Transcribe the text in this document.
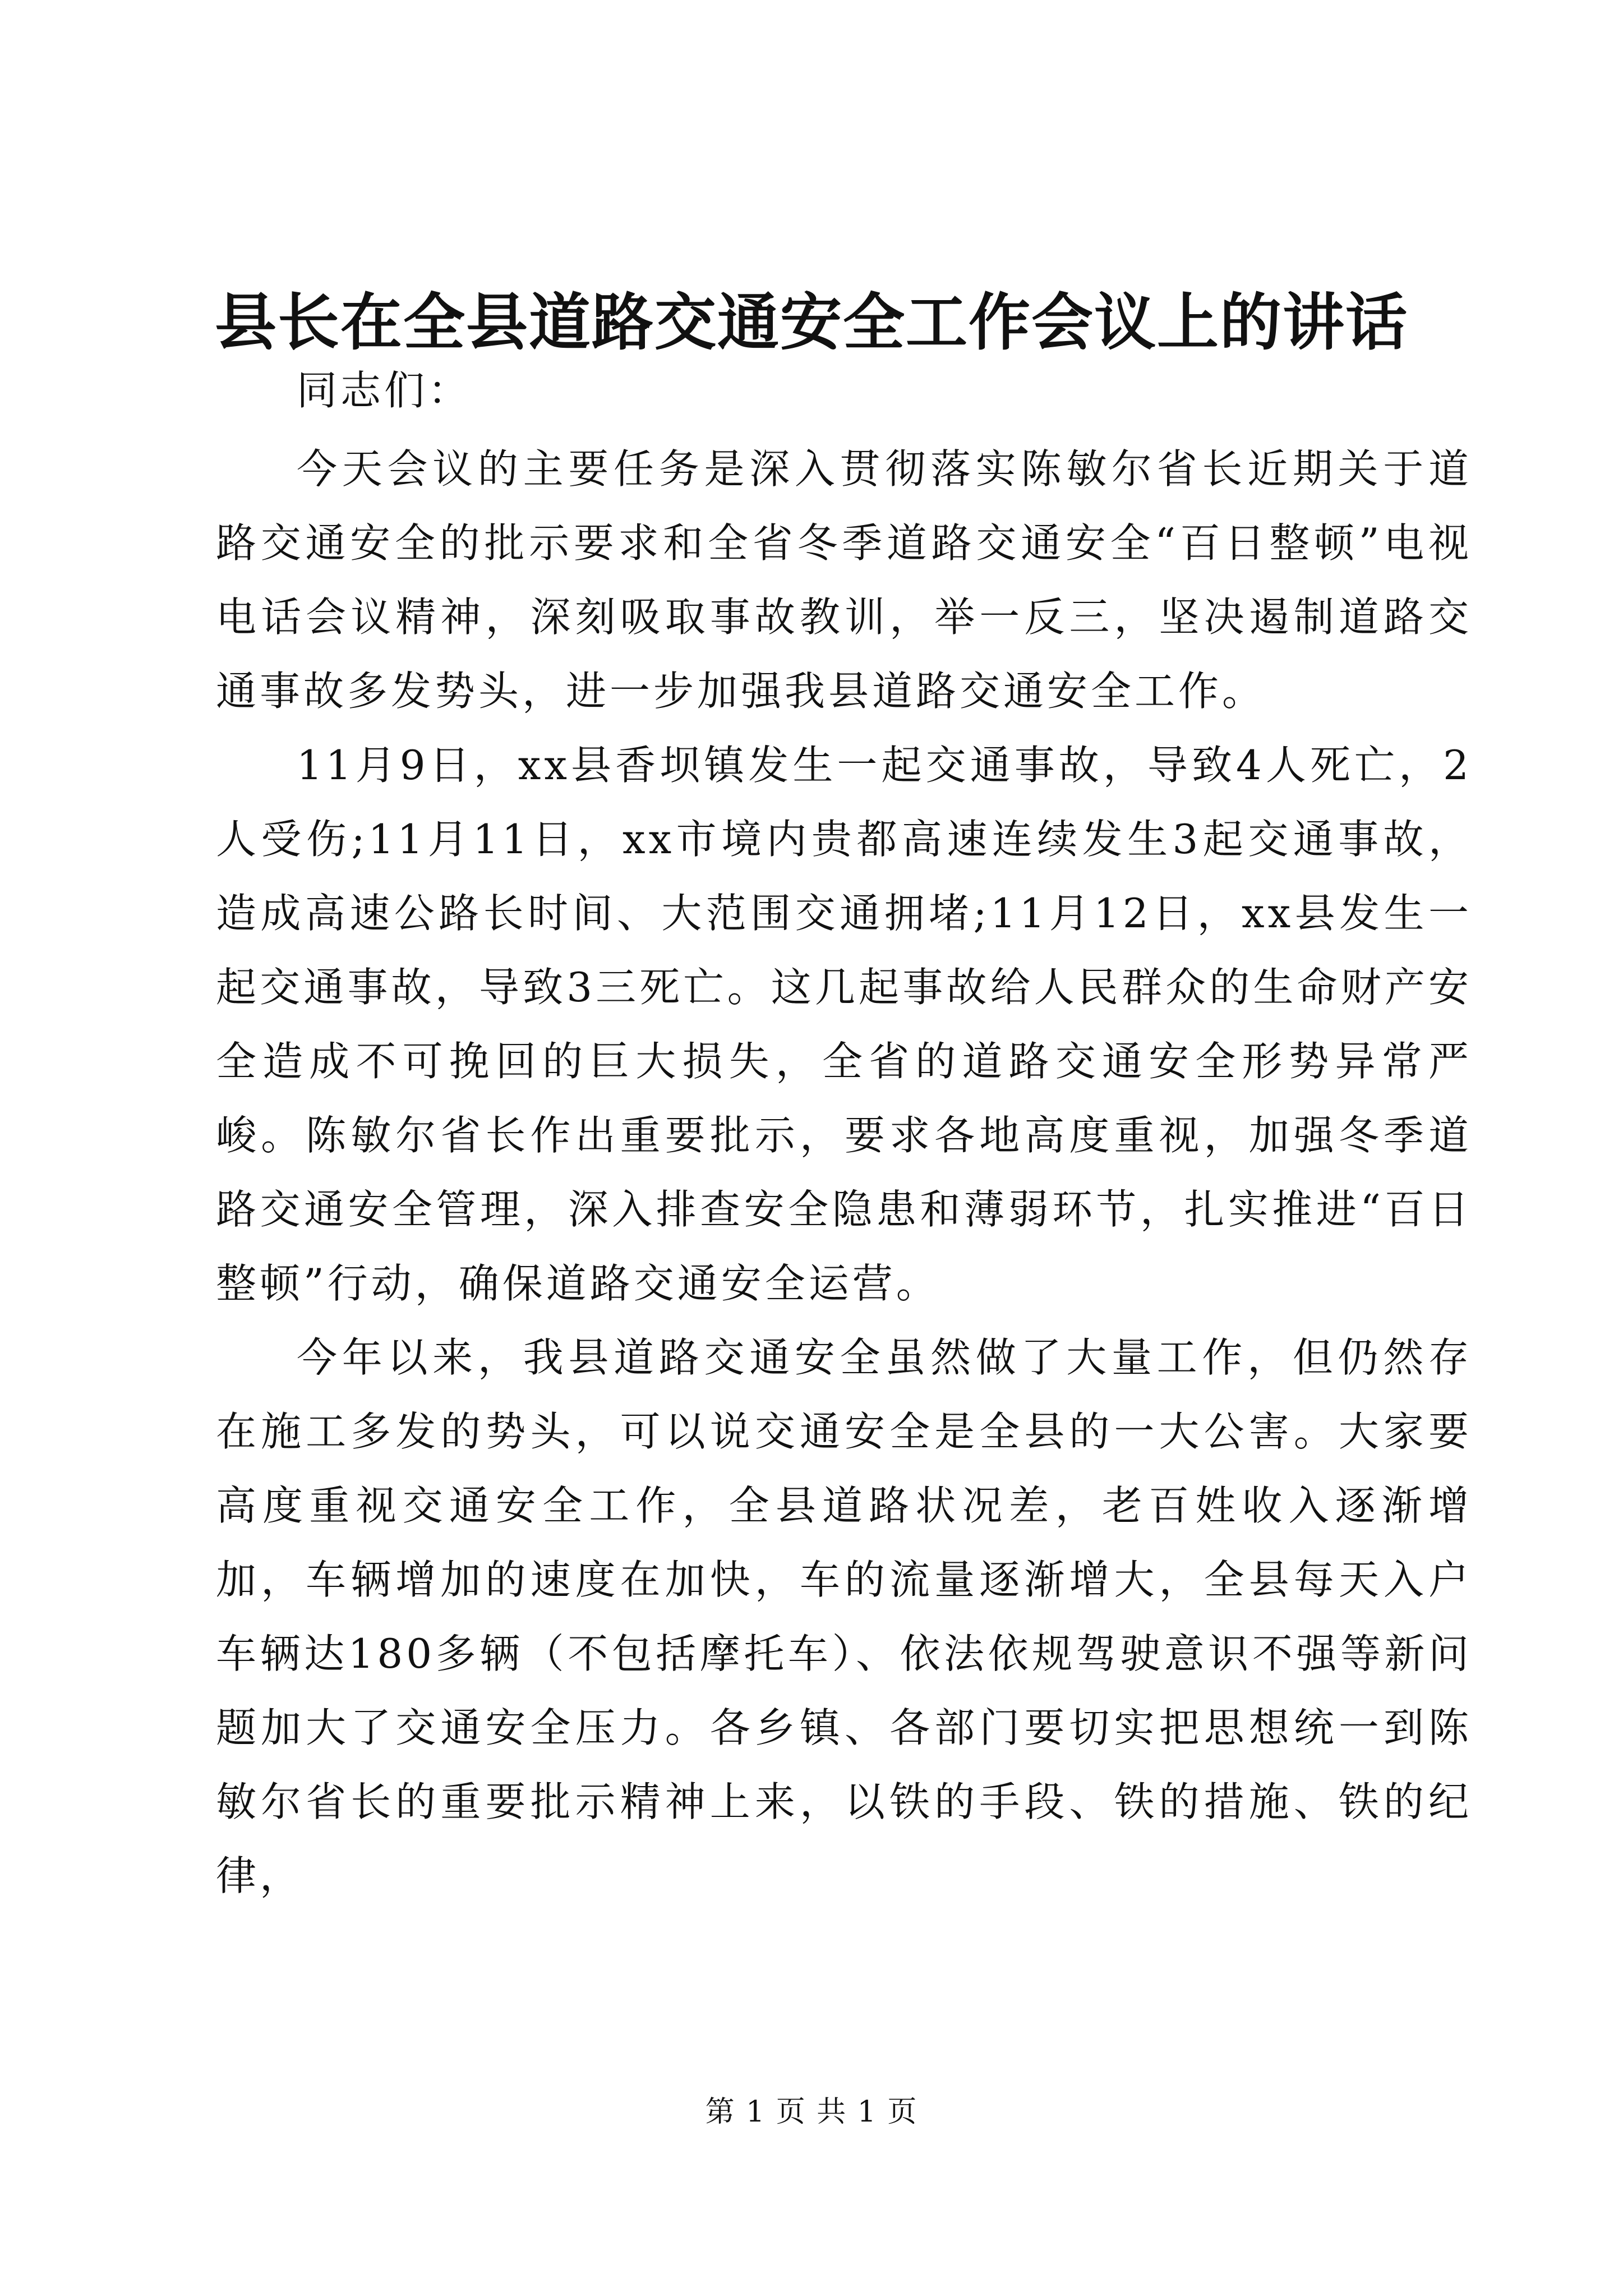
县长在全县道路交通安全工作会议上的讲话

同志们：

今天会议的主要任务是深入贯彻落实陈敏尔省长近期关于道路交通安全的批示要求和全省冬季道路交通安全“百日整顿”电视电话会议精神，深刻吸取事故教训，举一反三，坚决遏制道路交通事故多发势头，进一步加强我县道路交通安全工作。

11月9日，xx县香坝镇发生一起交通事故，导致4人死亡，2人受伤;11月11日，xx市境内贵都高速连续发生3起交通事故，造成高速公路长时间、大范围交通拥堵;11月12日，xx县发生一起交通事故，导致3三死亡。这几起事故给人民群众的生命财产安全造成不可挽回的巨大损失，全省的道路交通安全形势异常严峻。陈敏尔省长作出重要批示，要求各地高度重视，加强冬季道路交通安全管理，深入排查安全隐患和薄弱环节，扎实推进“百日整顿”行动，确保道路交通安全运营。

今年以来，我县道路交通安全虽然做了大量工作，但仍然存在施工多发的势头，可以说交通安全是全县的一大公害。大家要高度重视交通安全工作，全县道路状况差，老百姓收入逐渐增加，车辆增加的速度在加快，车的流量逐渐增大，全县每天入户车辆达180多辆（不包括摩托车）、依法依规驾驶意识不强等新问题加大了交通安全压力。各乡镇、各部门要切实把思想统一到陈敏尔省长的重要批示精神上来，以铁的手段、铁的措施、铁的纪律，

第 1 页 共 1 页
